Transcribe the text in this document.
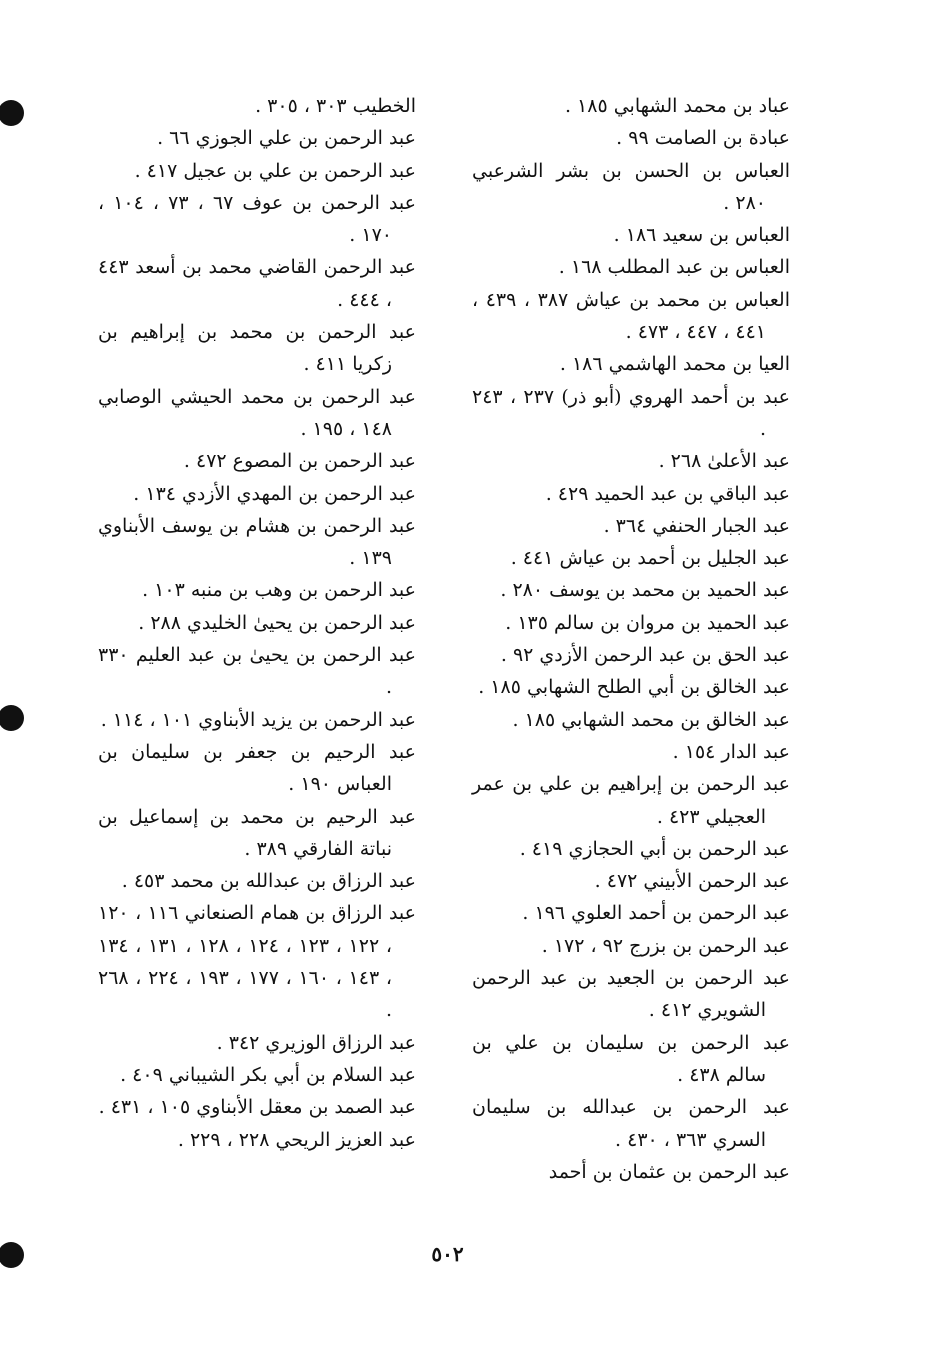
عباد بن محمد الشهابي ١٨٥ .
عبادة بن الصامت ٩٩ .
العباس بن الحسن بن بشر الشرعبي ٢٨٠ .
العباس بن سعيد ١٨٦ .
العباس بن عبد المطلب ١٦٨ .
العباس بن محمد بن عياش ٣٨٧ ، ٤٣٩ ، ٤٤١ ، ٤٤٧ ، ٤٧٣ .
العيا بن محمد الهاشمي ١٨٦ .
عبد بن أحمد الهروي (أبو ذر) ٢٣٧ ، ٢٤٣ .
عبد الأعلىٰ ٢٦٨ .
عبد الباقي بن عبد الحميد ٤٢٩ .
عبد الجبار الحنفي ٣٦٤ .
عبد الجليل بن أحمد بن عياش ٤٤١ .
عبد الحميد بن محمد بن يوسف ٢٨٠ .
عبد الحميد بن مروان بن سالم ١٣٥ .
عبد الحق بن عبد الرحمن الأزدي ٩٢ .
عبد الخالق بن أبي الطلح الشهابي ١٨٥ .
عبد الخالق بن محمد الشهابي ١٨٥ .
عبد الدار ١٥٤ .
عبد الرحمن بن إبراهيم بن علي بن عمر العجيلي ٤٢٣ .
عبد الرحمن بن أبي الحجازي ٤١٩ .
عبد الرحمن الأبيني ٤٧٢ .
عبد الرحمن بن أحمد العلوي ١٩٦ .
عبد الرحمن بن بزرج ٩٢ ، ١٧٢ .
عبد الرحمن بن الجعيد بن عبد الرحمن الشويري ٤١٢ .
عبد الرحمن بن سليمان بن علي بن سالم ٤٣٨ .
عبد الرحمن بن عبدالله بن سليمان السري ٣٦٣ ، ٤٣٠ .
عبد الرحمن بن عثمان بن أحمد
الخطيب ٣٠٣ ، ٣٠٥ .
عبد الرحمن بن علي الجوزي ٦٦ .
عبد الرحمن بن علي بن عجيل ٤١٧ .
عبد الرحمن بن عوف ٦٧ ، ٧٣ ، ١٠٤ ، ١٧٠ .
عبد الرحمن القاضي محمد بن أسعد ٤٤٣ ، ٤٤٤ .
عبد الرحمن بن محمد بن إبراهيم بن زكريا ٤١١ .
عبد الرحمن بن محمد الحيشي الوصابي ١٤٨ ، ١٩٥ .
عبد الرحمن بن المصوع ٤٧٢ .
عبد الرحمن بن المهدي الأزدي ١٣٤ .
عبد الرحمن بن هشام بن يوسف الأبناوي ١٣٩ .
عبد الرحمن بن وهب بن منبه ١٠٣ .
عبد الرحمن بن يحيىٰ الخليدي ٢٨٨ .
عبد الرحمن بن يحيىٰ بن عبد العليم ٣٣٠ .
عبد الرحمن بن يزيد الأبناوي ١٠١ ، ١١٤ .
عبد الرحيم بن جعفر بن سليمان بن العباس ١٩٠ .
عبد الرحيم بن محمد بن إسماعيل بن نباتة الفارقي ٣٨٩ .
عبد الرزاق بن عبدالله بن محمد ٤٥٣ .
عبد الرزاق بن همام الصنعاني ١١٦ ، ١٢٠ ، ١٢٢ ، ١٢٣ ، ١٢٤ ، ١٢٨ ، ١٣١ ، ١٣٤ ، ١٤٣ ، ١٦٠ ، ١٧٧ ، ١٩٣ ، ٢٢٤ ، ٢٦٨ .
عبد الرزاق الوزيري ٣٤٢ .
عبد السلام بن أبي بكر الشيباني ٤٠٩ .
عبد الصمد بن معقل الأبناوي ١٠٥ ، ٤٣١ .
عبد العزيز الريحي ٢٢٨ ، ٢٢٩ .
٥٠٢
